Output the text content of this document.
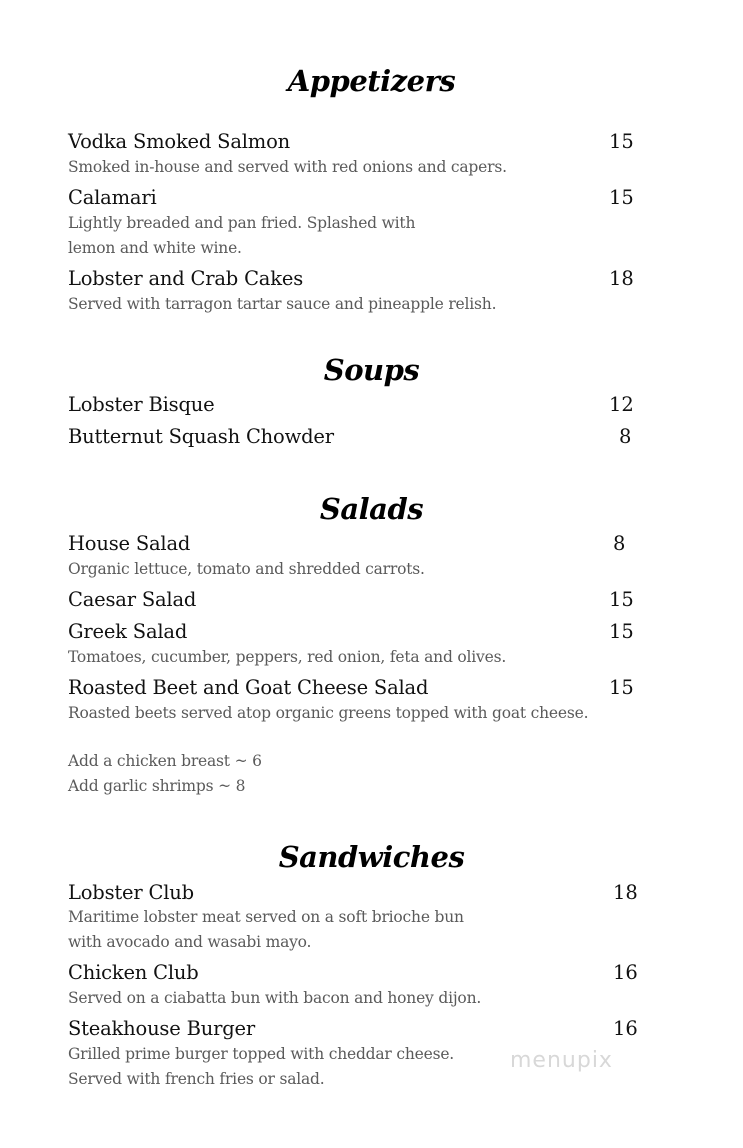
Appetizers
Vodka Smoked Salmon	15
Smoked in-house and served with red onions and capers.
Calamari	15
Lightly breaded and pan fried. Splashed with
lemon and white wine.
Lobster and Crab Cakes	18
Served with tarragon tartar sauce and pineapple relish.
Soups
Lobster Bisque	12
Butternut Squash Chowder	8
Salads
House Salad	8
Organic lettuce, tomato and shredded carrots.
Caesar Salad	15
Greek Salad	15
Tomatoes, cucumber, peppers, red onion, feta and olives.
Roasted Beet and Goat Cheese Salad	15
Roasted beets served atop organic greens topped with goat cheese.
Add a chicken breast ~ 6
Add garlic shrimps ~ 8
Sandwiches
Lobster Club	18
Maritime lobster meat served on a soft brioche bun
with avocado and wasabi mayo.
Chicken Club	16
Served on a ciabatta bun with bacon and honey dijon.
Steakhouse Burger	16
Grilled prime burger topped with cheddar cheese.
Served with french fries or salad.
menupix
